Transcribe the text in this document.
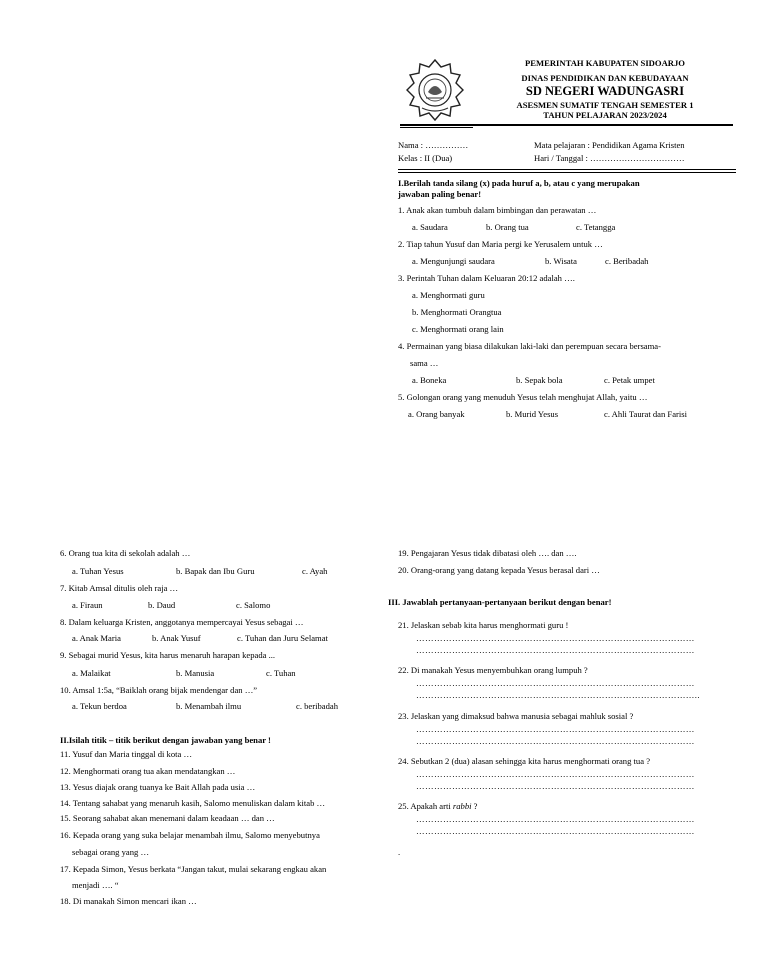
PEMERINTAH KABUPATEN SIDOARJO
DINAS PENDIDIKAN DAN KEBUDAYAAN
SD NEGERI WADUNGASRI
ASESMEN SUMATIF TENGAH SEMESTER 1
TAHUN PELAJARAN 2023/2024
Nama : ……………
Kelas : II (Dua)
Mata pelajaran : Pendidikan Agama Kristen
Hari / Tanggal : ……………………………
I.Berilah tanda silang (x) pada huruf a, b, atau c yang merupakan
jawaban paling benar!
1. Anak akan tumbuh dalam bimbingan dan perawatan …
a. Saudara	b. Orang tua	c. Tetangga
2. Tiap tahun Yusuf dan Maria pergi ke Yerusalem untuk …
a. Mengunjungi saudara	b. Wisata	c. Beribadah
3. Perintah Tuhan dalam Keluaran 20:12 adalah ….
a. Menghormati guru
b. Menghormati Orangtua
c. Menghormati orang lain
4. Permainan yang biasa dilakukan laki-laki dan perempuan secara bersama-
sama …
a. Boneka	b. Sepak bola	c. Petak umpet
5. Golongan orang yang menuduh Yesus telah menghujat Allah, yaitu …
a. Orang banyak	b. Murid Yesus	c. Ahli Taurat dan Farisi
6. Orang tua kita di sekolah adalah …
a. Tuhan Yesus	b. Bapak dan Ibu Guru	c. Ayah
7. Kitab Amsal ditulis oleh raja …
a. Firaun	b. Daud	c. Salomo
8. Dalam keluarga Kristen, anggotanya mempercayai Yesus sebagai …
a. Anak Maria	b. Anak Yusuf	c. Tuhan dan Juru Selamat
9. Sebagai murid Yesus, kita harus menaruh harapan kepada ...
a. Malaikat	b. Manusia	c. Tuhan
10. Amsal 1:5a, “Baiklah orang bijak mendengar dan …”
a. Tekun berdoa	b. Menambah ilmu	c. beribadah
II.Isilah titik – titik berikut dengan jawaban yang benar !
11. Yusuf dan Maria tinggal di kota …
12. Menghormati orang tua akan mendatangkan …
13. Yesus diajak orang tuanya ke Bait Allah pada usia …
14. Tentang sahabat yang menaruh kasih, Salomo menuliskan dalam kitab …
15. Seorang sahabat akan menemani dalam keadaan … dan …
16. Kepada orang yang suka belajar menambah ilmu, Salomo menyebutnya
sebagai orang yang …
17. Kepada Simon, Yesus berkata “Jangan takut, mulai sekarang engkau akan
menjadi …. “
18. Di manakah Simon mencari ikan …
19. Pengajaran Yesus tidak dibatasi oleh …. dan ….
20. Orang-orang yang datang kepada Yesus berasal dari …
III. Jawablah pertanyaan-pertanyaan berikut dengan benar!
21. Jelaskan sebab kita harus menghormati guru !
…………………………………………………………………………………
…………………………………………………………………………………
22. Di manakah Yesus menyembuhkan orang lumpuh ?
…………………………………………………………………………………
…………………………………………………………………………………..
23. Jelaskan yang dimaksud bahwa manusia sebagai mahluk sosial ?
…………………………………………………………………………………
…………………………………………………………………………………
24. Sebutkan 2 (dua) alasan sehingga kita harus menghormati orang tua ?
…………………………………………………………………………………
…………………………………………………………………………………
25. Apakah arti rabbi ?
…………………………………………………………………………………
…………………………………………………………………………………
.
